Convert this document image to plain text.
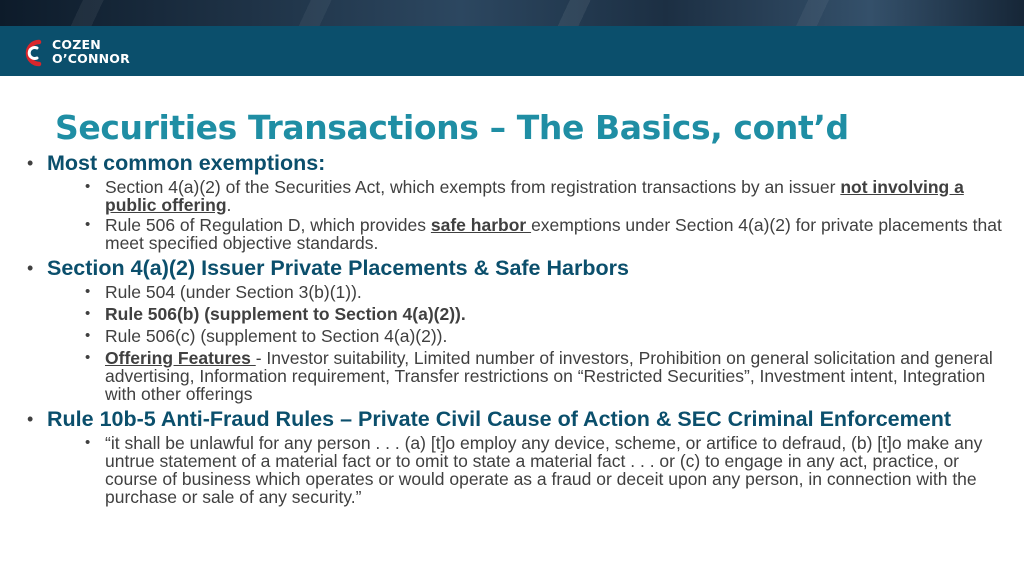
COZEN
O’CONNOR
Securities Transactions – The Basics, cont’d
• Most common exemptions:
• Section 4(a)(2) of the Securities Act, which exempts from registration transactions by an issuer not involving a public offering.
• Rule 506 of Regulation D, which provides safe harbor exemptions under Section 4(a)(2) for private placements that meet specified objective standards.
• Section 4(a)(2) Issuer Private Placements & Safe Harbors
• Rule 504 (under Section 3(b)(1)).
• Rule 506(b) (supplement to Section 4(a)(2)).
• Rule 506(c) (supplement to Section 4(a)(2)).
• Offering Features - Investor suitability, Limited number of investors, Prohibition on general solicitation and general advertising, Information requirement, Transfer restrictions on “Restricted Securities”, Investment intent, Integration with other offerings
• Rule 10b-5 Anti-Fraud Rules – Private Civil Cause of Action & SEC Criminal Enforcement
• “it shall be unlawful for any person . . . (a) [t]o employ any device, scheme, or artifice to defraud, (b) [t]o make any untrue statement of a material fact or to omit to state a material fact . . . or (c) to engage in any act, practice, or course of business which operates or would operate as a fraud or deceit upon any person, in connection with the purchase or sale of any security.”
